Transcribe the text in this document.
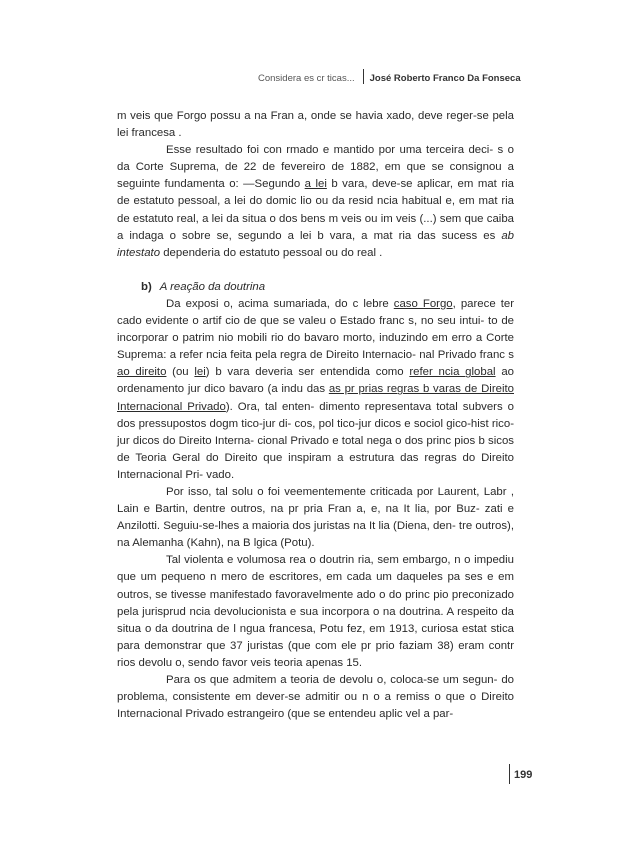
Considera es cr ticas... José Roberto Franco Da Fonseca

m veis que Forgo possu a na Fran a, onde se havia xado, deve reger-se pela lei francesa .

Esse resultado foi con rmado e mantido por uma terceira deci- s o da Corte Suprema, de 22 de fevereiro de 1882, em que se consignou a seguinte fundamenta o: —Segundo a lei b vara, deve-se aplicar, em mat ria de estatuto pessoal, a lei do domic lio ou da resid ncia habitual e, em mat ria de estatuto real, a lei da situa o dos bens m veis ou im veis (...) sem que caiba a indaga o sobre se, segundo a lei b vara, a mat ria das sucess es ab intestato dependeria do estatuto pessoal ou do real .

b) A reação da doutrina

Da exposi o, acima sumariada, do c lebre caso Forgo, parece ter cado evidente o artif cio de que se valeu o Estado franc s, no seu intui- to de incorporar o patrim nio mobili rio do bavaro morto, induzindo em erro a Corte Suprema: a refer ncia feita pela regra de Direito Internacio- nal Privado franc s ao direito (ou lei) b vara deveria ser entendida como refer ncia global ao ordenamento jur dico bavaro (a indu das as pr prias regras b varas de Direito Internacional Privado). Ora, tal enten- dimento representava total subvers o dos pressupostos dogm tico-jur di- cos, pol tico-jur dicos e sociol gico-hist rico-jur dicos do Direito Interna- cional Privado e total nega o dos princ pios b sicos de Teoria Geral do Direito que inspiram a estrutura das regras do Direito Internacional Pri- vado.

Por isso, tal solu o foi veementemente criticada por Laurent, Labr , Lain e Bartin, dentre outros, na pr pria Fran a, e, na It lia, por Buz- zati e Anzilotti. Seguiu-se-lhes a maioria dos juristas na It lia (Diena, den- tre outros), na Alemanha (Kahn), na B lgica (Potu).

Tal violenta e volumosa rea o doutrin ria, sem embargo, n o impediu que um pequeno n mero de escritores, em cada um daqueles pa ses e em outros, se tivesse manifestado favoravelmente ado o do princ pio preconizado pela jurisprud ncia devolucionista e sua incorpora o na doutrina. A respeito da situa o da doutrina de l ngua francesa, Potu fez, em 1913, curiosa estat stica para demonstrar que 37 juristas (que com ele pr prio faziam 38) eram contr rios devolu o, sendo favor veis teoria apenas 15.

Para os que admitem a teoria de devolu o, coloca-se um segun- do problema, consistente em dever-se admitir ou n o a remiss o que o Direito Internacional Privado estrangeiro (que se entendeu aplic vel a par-

199
